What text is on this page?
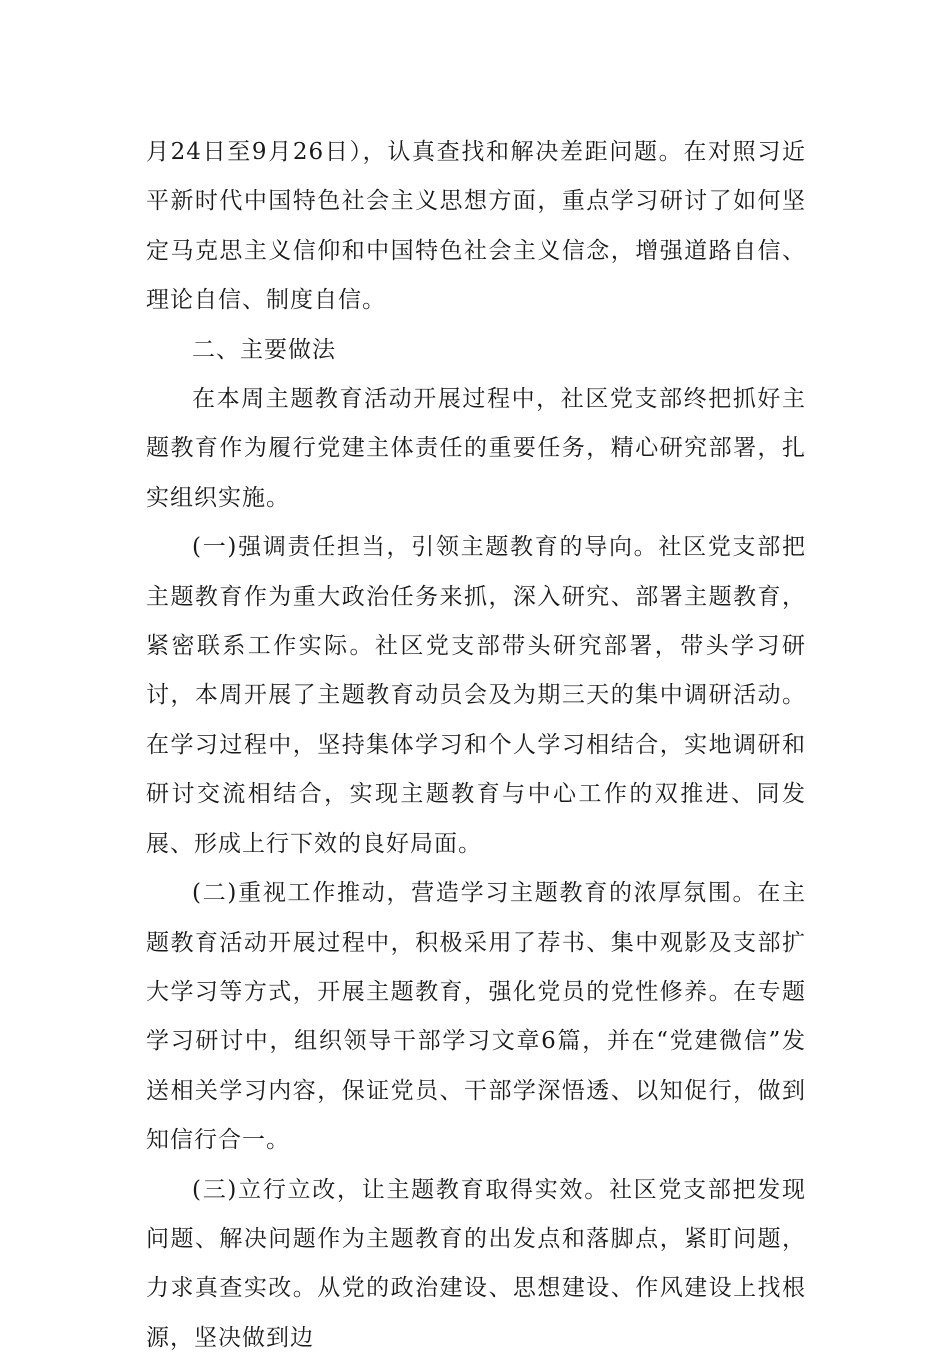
月24日至9月26日），认真查找和解决差距问题。在对照习近平新时代中国特色社会主义思想方面，重点学习研讨了如何坚定马克思主义信仰和中国特色社会主义信念，增强道路自信、理论自信、制度自信。

二、主要做法

在本周主题教育活动开展过程中，社区党支部终把抓好主题教育作为履行党建主体责任的重要任务，精心研究部署，扎实组织实施。

(一)强调责任担当，引领主题教育的导向。社区党支部把主题教育作为重大政治任务来抓，深入研究、部署主题教育，紧密联系工作实际。社区党支部带头研究部署，带头学习研讨，本周开展了主题教育动员会及为期三天的集中调研活动。在学习过程中，坚持集体学习和个人学习相结合，实地调研和研讨交流相结合，实现主题教育与中心工作的双推进、同发展、形成上行下效的良好局面。

(二)重视工作推动，营造学习主题教育的浓厚氛围。在主题教育活动开展过程中，积极采用了荐书、集中观影及支部扩大学习等方式，开展主题教育，强化党员的党性修养。在专题学习研讨中，组织领导干部学习文章6篇，并在“党建微信”发送相关学习内容，保证党员、干部学深悟透、以知促行，做到知信行合一。

(三)立行立改，让主题教育取得实效。社区党支部把发现问题、解决问题作为主题教育的出发点和落脚点，紧盯问题，力求真查实改。从党的政治建设、思想建设、作风建设上找根源，坚决做到边
